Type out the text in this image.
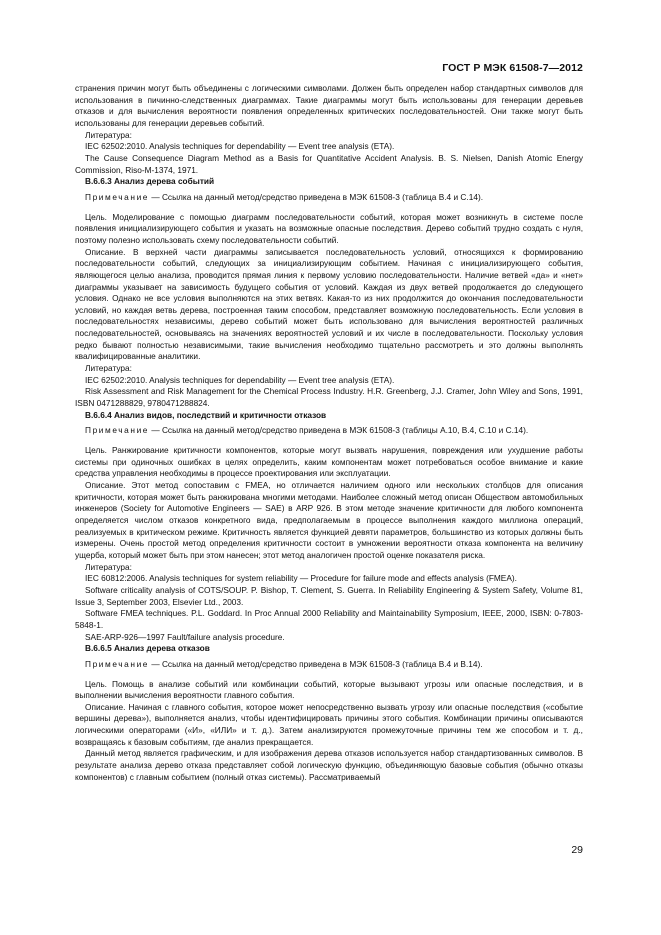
ГОСТ Р МЭК 61508-7—2012

странения причин могут быть объединены с логическими символами. Должен быть определен набор стандартных символов для использования в пичинно-следственных диаграммах. Такие диаграммы могут быть использованы для генерации деревьев отказов и для вычисления вероятности появления определенных критических последовательностей. Они также могут быть использованы для генерации деревьев событий.

Литература:

IEC 62502:2010. Analysis techniques for dependability — Event tree analysis (ETA).

The Cause Consequence Diagram Method as a Basis for Quantitative Accident Analysis. B. S. Nielsen, Danish Atomic Energy Commission, Riso-M-1374, 1971.

B.6.6.3 Анализ дерева событий

Примечание — Ссылка на данный метод/средство приведена в МЭК 61508-3 (таблица B.4 и C.14).

Цель. Моделирование с помощью диаграмм последовательности событий, которая может возникнуть в системе после появления инициализирующего события и указать на возможные опасные последствия. Дерево событий трудно создать с нуля, поэтому полезно использовать схему последовательности событий.

Описание. В верхней части диаграммы записывается последовательность условий, относящихся к формированию последовательности событий, следующих за инициализирующим событием. Начиная с инициализирующего события, являющегося целью анализа, проводится прямая линия к первому условию последовательности. Наличие ветвей «да» и «нет» диаграммы указывает на зависимость будущего события от условий. Каждая из двух ветвей продолжается до следующего условия. Однако не все условия выполняются на этих ветвях. Какая-то из них продолжится до окончания последовательности условий, но каждая ветвь дерева, построенная таким способом, представляет возможную последовательность. Если условия в последовательностях независимы, дерево событий может быть использовано для вычисления вероятностей различных последовательностей, основываясь на значениях вероятностей условий и их числе в последовательности. Поскольку условия редко бывают полностью независимыми, такие вычисления необходимо тщательно рассмотреть и это должны выполнять квалифицированные аналитики.

Литература:

IEC 62502:2010. Analysis techniques for dependability — Event tree analysis (ETA).

Risk Assessment and Risk Management for the Chemical Process Industry. H.R. Greenberg, J.J. Cramer, John Wiley and Sons, 1991, ISBN 0471288829, 9780471288824.

B.6.6.4 Анализ видов, последствий и критичности отказов

Примечание — Ссылка на данный метод/средство приведена в МЭК 61508-3 (таблицы A.10, B.4, C.10 и C.14).

Цель. Ранжирование критичности компонентов, которые могут вызвать нарушения, повреждения или ухудшение работы системы при одиночных ошибках в целях определить, каким компонентам может потребоваться особое внимание и какие средства управления необходимы в процессе проектирования или эксплуатации.

Описание. Этот метод сопоставим с FMEA, но отличается наличием одного или нескольких столбцов для описания критичности, которая может быть ранжирована многими методами. Наиболее сложный метод описан Обществом автомобильных инженеров (Society for Automotive Engineers — SAE) в ARP 926. В этом методе значение критичности для любого компонента определяется числом отказов конкретного вида, предполагаемым в процессе выполнения каждого миллиона операций, реализуемых в критическом режиме. Критичность является функцией девяти параметров, большинство из которых должны быть измерены. Очень простой метод определения критичности состоит в умножении вероятности отказа компонента на величину ущерба, который может быть при этом нанесен; этот метод аналогичен простой оценке показателя риска.

Литература:

IEC 60812:2006. Analysis techniques for system reliability — Procedure for failure mode and effects analysis (FMEA).

Software criticality analysis of COTS/SOUP. P. Bishop, T. Clement, S. Guerra. In Reliability Engineering & System Safety, Volume 81, Issue 3, September 2003, Elsevier Ltd., 2003.

Software FMEA techniques. P.L. Goddard. In Proc Annual 2000 Reliability and Maintainability Symposium, IEEE, 2000, ISBN: 0-7803-5848-1.

SAE-ARP-926—1997 Fault/failure analysis procedure.

B.6.6.5 Анализ дерева отказов

Примечание — Ссылка на данный метод/средство приведена в МЭК 61508-3 (таблица B.4 и B.14).

Цель. Помощь в анализе событий или комбинации событий, которые вызывают угрозы или опасные последствия, и в выполнении вычисления вероятности главного события.

Описание. Начиная с главного события, которое может непосредственно вызвать угрозу или опасные последствия («событие вершины дерева»), выполняется анализ, чтобы идентифицировать причины этого события. Комбинации причины описываются логическими операторами («И», «ИЛИ» и т. д.). Затем анализируются промежуточные причины тем же способом и т. д., возвращаясь к базовым событиям, где анализ прекращается.

Данный метод является графическим, и для изображения дерева отказов используется набор стандартизованных символов. В результате анализа дерево отказа представляет собой логическую функцию, объединяющую базовые события (обычно отказы компонентов) с главным событием (полный отказ системы). Рассматриваемый

29
